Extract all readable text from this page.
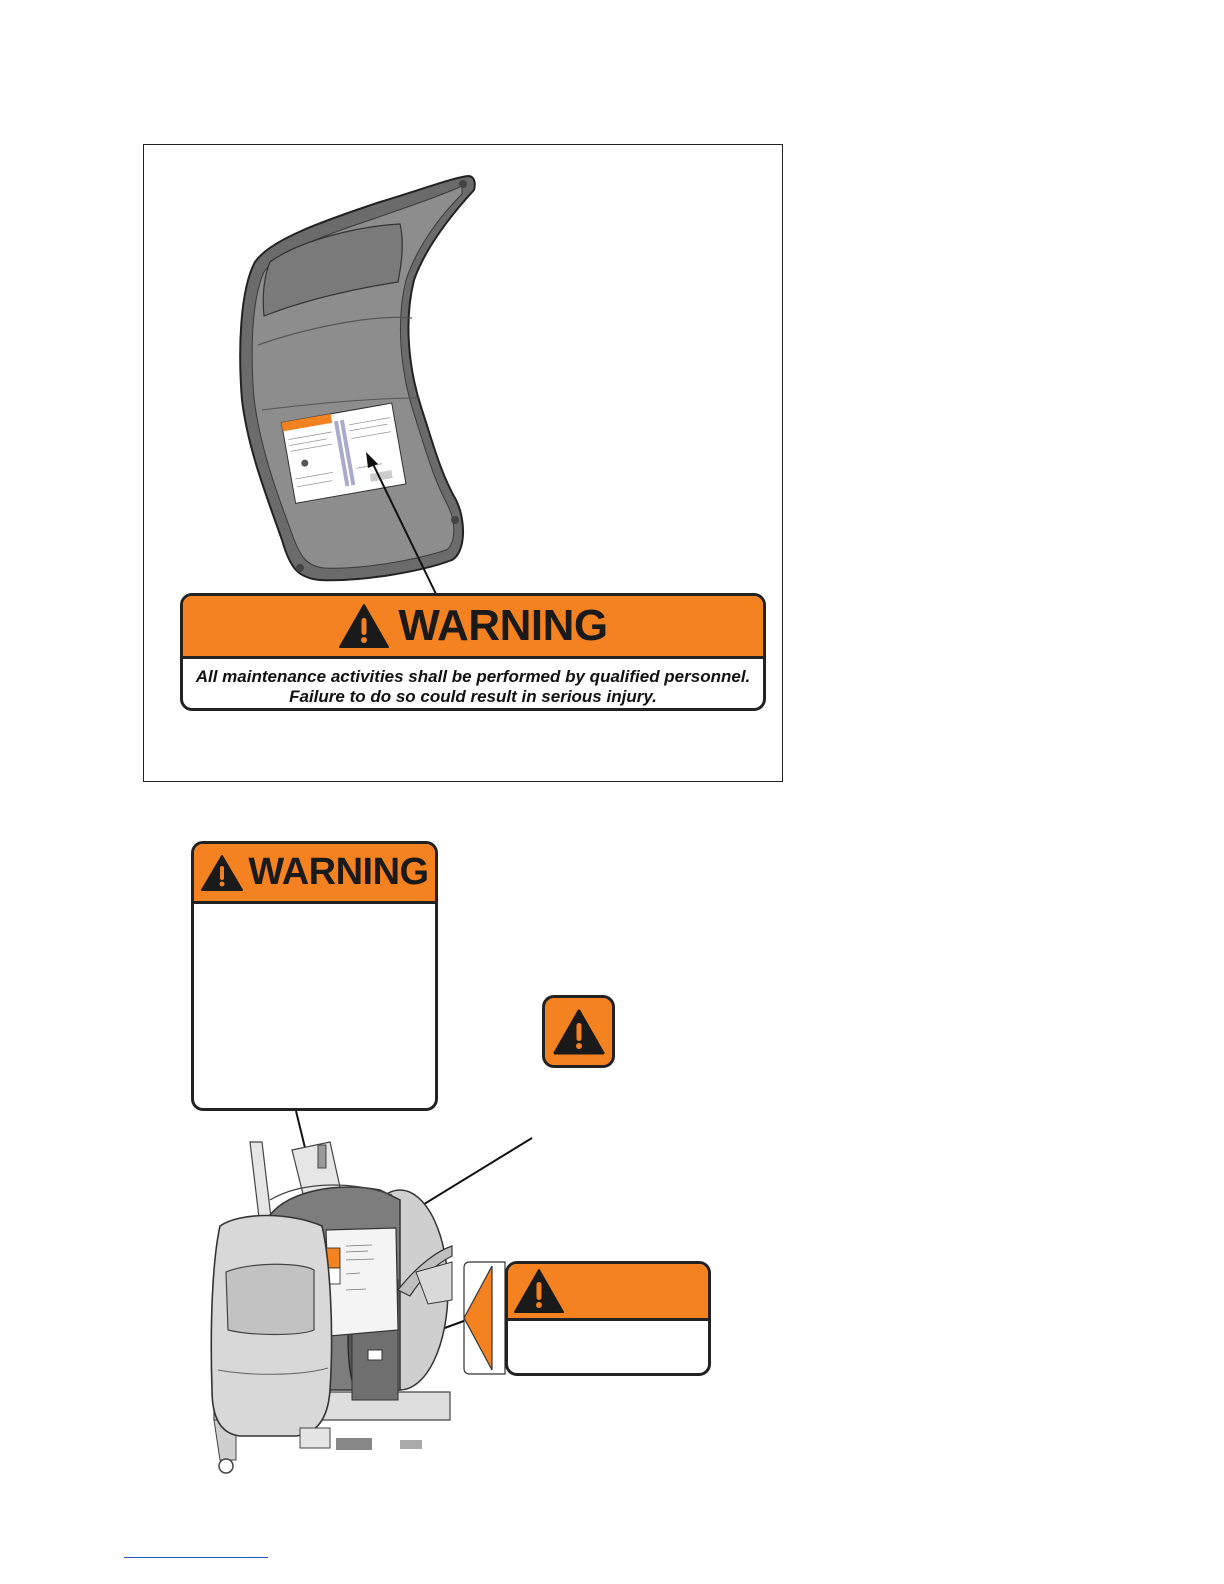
WARNING
All maintenance activities shall be performed by qualified personnel. Failure to do so could result in serious injury.
WARNING
